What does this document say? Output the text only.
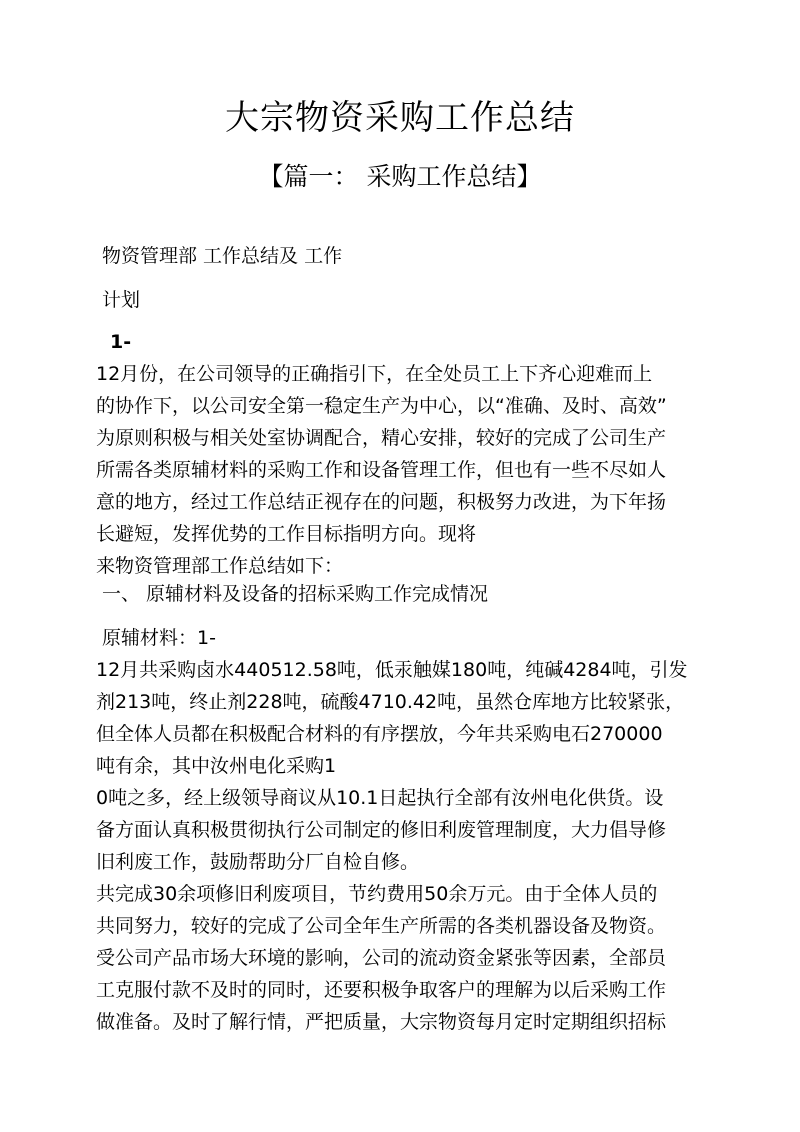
大宗物资采购工作总结
【篇一： 采购工作总结】
物资管理部 工作总结及 工作
计划
1-
12月份，在公司领导的正确指引下，在全处员工上下齐心迎难而上
的协作下，以公司安全第一稳定生产为中心，以“准确、及时、高效”
为原则积极与相关处室协调配合，精心安排，较好的完成了公司生产
所需各类原辅材料的采购工作和设备管理工作，但也有一些不尽如人
意的地方，经过工作总结正视存在的问题，积极努力改进，为下年扬
长避短，发挥优势的工作目标指明方向。现将
来物资管理部工作总结如下：
一、 原辅材料及设备的招标采购工作完成情况
原辅材料：1-
12月共采购卤水440512.58吨，低汞触媒180吨，纯碱4284吨，引发
剂213吨，终止剂228吨，硫酸4710.42吨，虽然仓库地方比较紧张，
但全体人员都在积极配合材料的有序摆放，今年共采购电石270000
吨有余，其中汝州电化采购1
0吨之多，经上级领导商议从10.1日起执行全部有汝州电化供货。设
备方面认真积极贯彻执行公司制定的修旧利废管理制度，大力倡导修
旧利废工作，鼓励帮助分厂自检自修。
共完成30余项修旧利废项目，节约费用50余万元。由于全体人员的
共同努力，较好的完成了公司全年生产所需的各类机器设备及物资。
受公司产品市场大环境的影响，公司的流动资金紧张等因素，全部员
工克服付款不及时的同时，还要积极争取客户的理解为以后采购工作
做准备。及时了解行情，严把质量，大宗物资每月定时定期组织招标
